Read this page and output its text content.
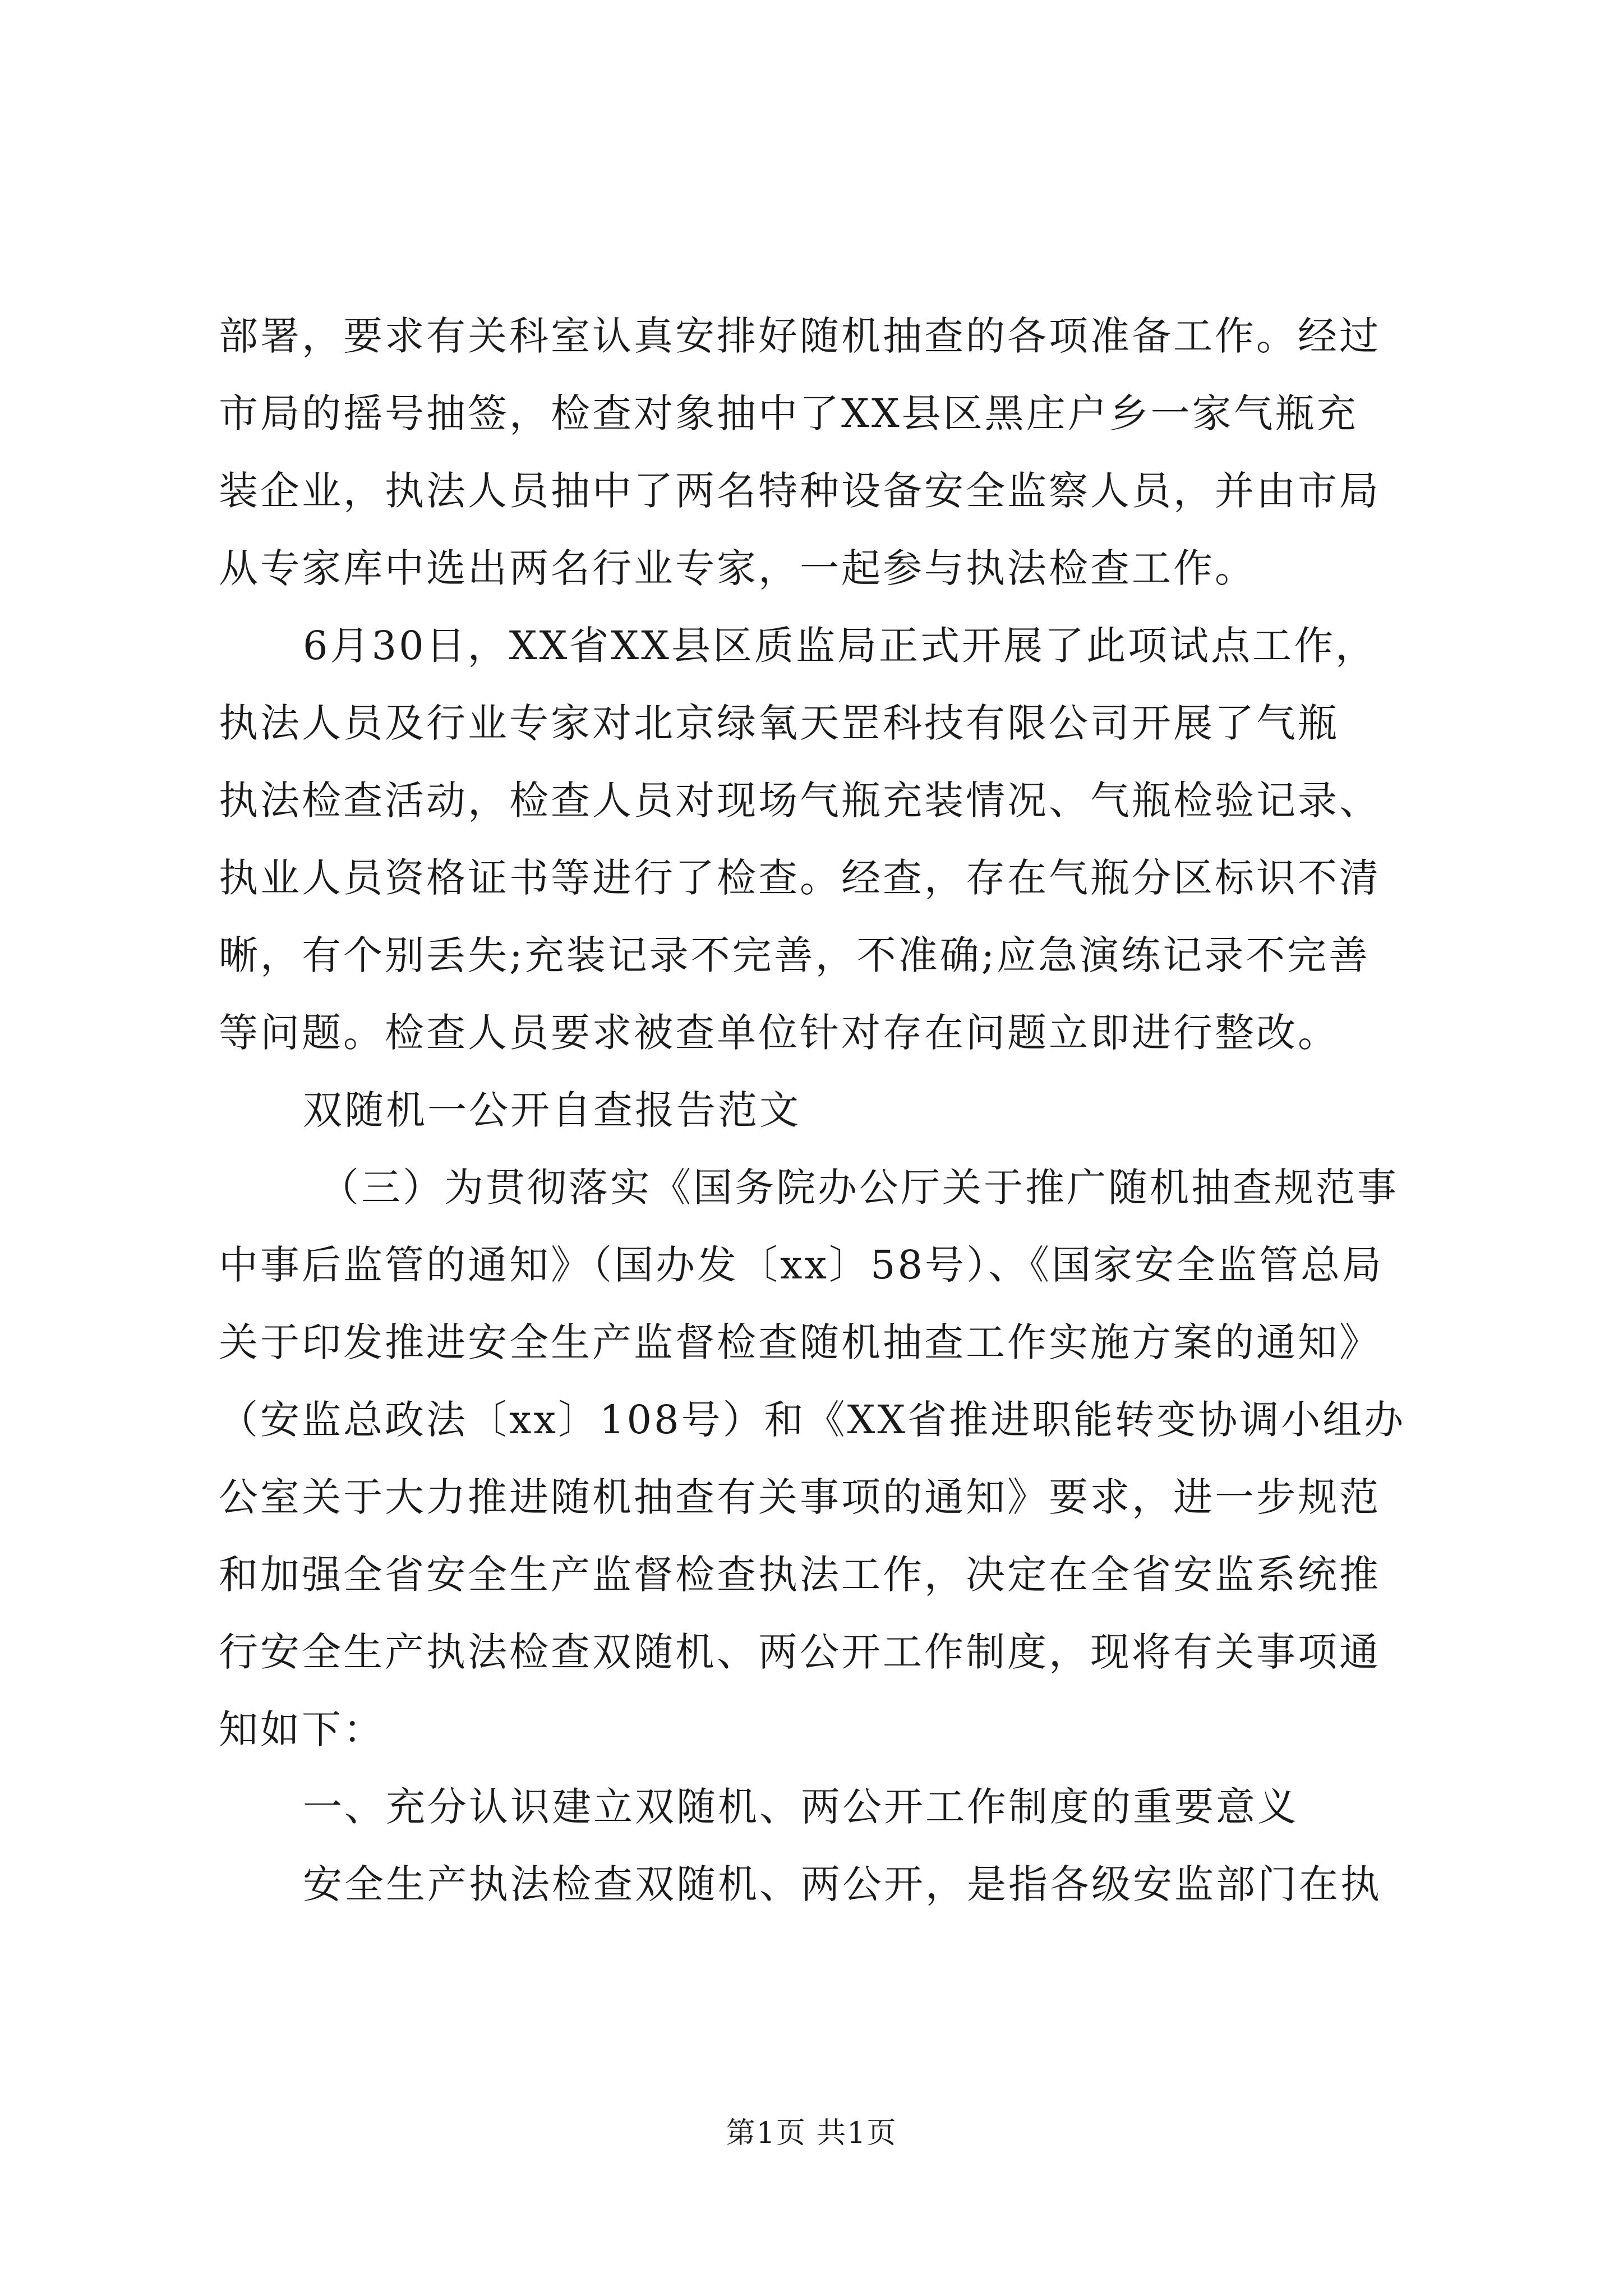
部署，要求有关科室认真安排好随机抽查的各项准备工作。经过
市局的摇号抽签，检查对象抽中了XX县区黑庄户乡一家气瓶充
装企业，执法人员抽中了两名特种设备安全监察人员，并由市局
从专家库中选出两名行业专家，一起参与执法检查工作。
6月30日，XX省XX县区质监局正式开展了此项试点工作，
执法人员及行业专家对北京绿氧天罡科技有限公司开展了气瓶
执法检查活动，检查人员对现场气瓶充装情况、气瓶检验记录、
执业人员资格证书等进行了检查。经查，存在气瓶分区标识不清
晰，有个别丢失;充装记录不完善，不准确;应急演练记录不完善
等问题。检查人员要求被查单位针对存在问题立即进行整改。
双随机一公开自查报告范文
（三）为贯彻落实《国务院办公厅关于推广随机抽查规范事
中事后监管的通知》（国办发〔xx〕58号）、《国家安全监管总局
关于印发推进安全生产监督检查随机抽查工作实施方案的通知》
（安监总政法〔xx〕108号）和《XX省推进职能转变协调小组办
公室关于大力推进随机抽查有关事项的通知》要求，进一步规范
和加强全省安全生产监督检查执法工作，决定在全省安监系统推
行安全生产执法检查双随机、两公开工作制度，现将有关事项通
知如下：
一、充分认识建立双随机、两公开工作制度的重要意义
安全生产执法检查双随机、两公开，是指各级安监部门在执
第1页 共1页
